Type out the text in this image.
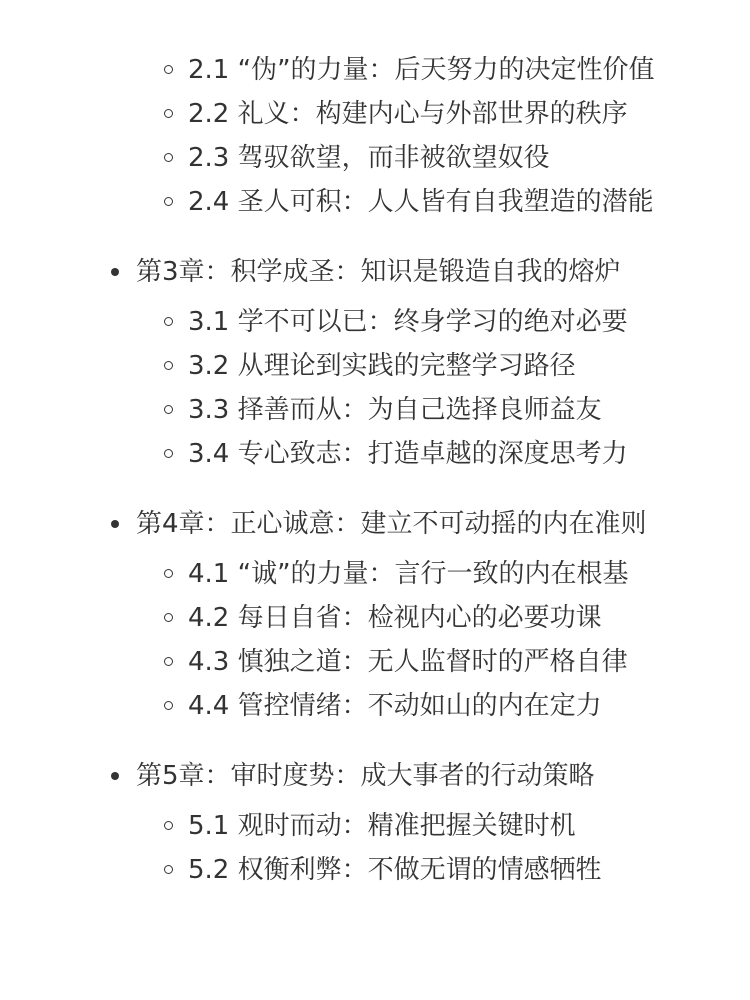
2.1 “伪”的力量：后天努力的决定性价值
2.2 礼义：构建内心与外部世界的秩序
2.3 驾驭欲望，而非被欲望奴役
2.4 圣人可积：人人皆有自我塑造的潜能
第3章：积学成圣：知识是锻造自我的熔炉
3.1 学不可以已：终身学习的绝对必要
3.2 从理论到实践的完整学习路径
3.3 择善而从：为自己选择良师益友
3.4 专心致志：打造卓越的深度思考力
第4章：正心诚意：建立不可动摇的内在准则
4.1 “诚”的力量：言行一致的内在根基
4.2 每日自省：检视内心的必要功课
4.3 慎独之道：无人监督时的严格自律
4.4 管控情绪：不动如山的内在定力
第5章：审时度势：成大事者的行动策略
5.1 观时而动：精准把握关键时机
5.2 权衡利弊：不做无谓的情感牺牲
